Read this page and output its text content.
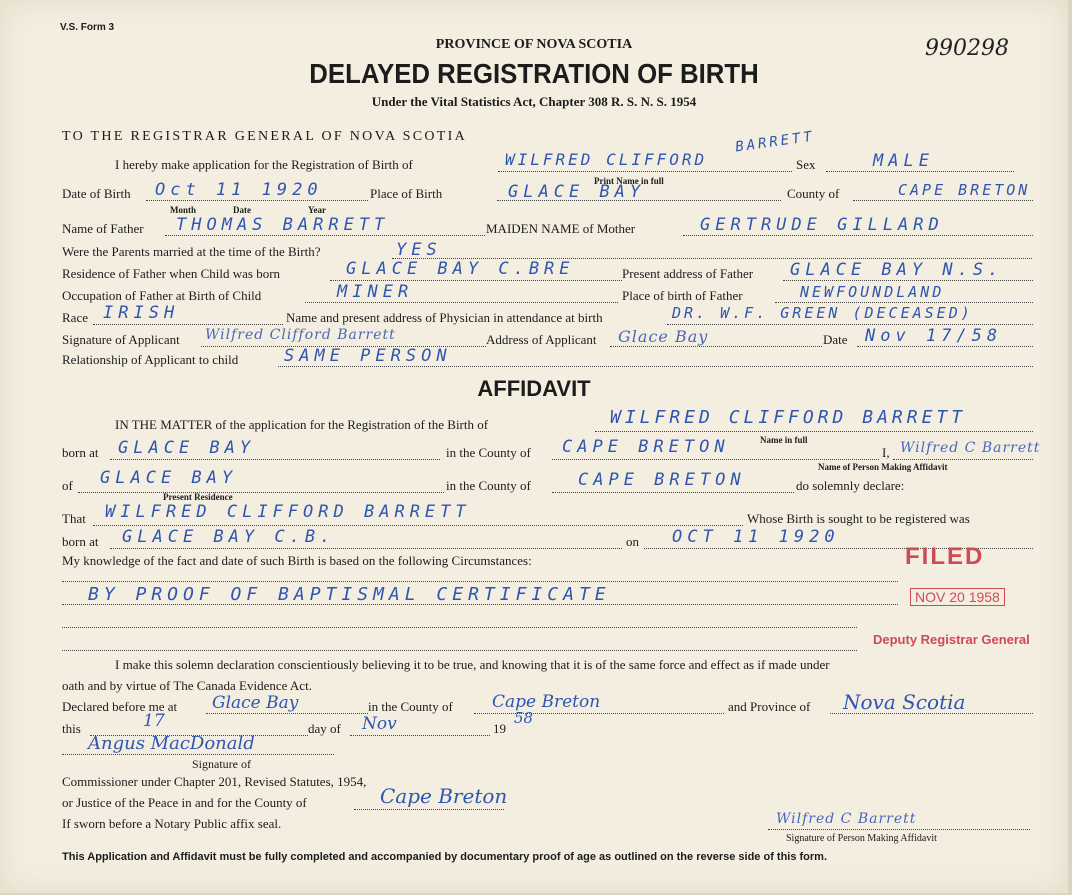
V.S. Form 3
990298
PROVINCE OF NOVA SCOTIA
DELAYED REGISTRATION OF BIRTH
Under the Vital Statistics Act, Chapter 308 R. S. N. S. 1954
TO THE REGISTRAR GENERAL OF NOVA SCOTIA
I hereby make application for the Registration of Birth of	WILFRED CLIFFORD
BARRETT
Sex	MALE
Print Name in full
Date of Birth Oct 11 1920	Place of Birth	GLACE BAY	County of	CAPE BRETON
Month	Date	Year
Name of Father THOMAS BARRETT	MAIDEN NAME of Mother	GERTRUDE GILLARD
Were the Parents married at the time of the Birth?	YES
Residence of Father when Child was born	GLACE BAY C.BRE	Present address of Father GLACE BAY N.S.
Occupation of Father at Birth of Child	MINER	Place of birth of Father	NEWFOUNDLAND
Race IRISH	Name and present address of Physician in attendance at birth	DR. W.F. GREEN (DECEASED)
Signature of Applicant Wilfred Clifford Barrett	Address of Applicant Glace Bay	Date Nov 17/58
Relationship of Applicant to child	SAME PERSON
AFFIDAVIT
IN THE MATTER of the application for the Registration of the Birth of	WILFRED CLIFFORD BARRETT
Name in full
born at GLACE BAY	in the County of CAPE BRETON	I, Wilfred C Barrett
Name of Person Making Affidavit
of GLACE BAY	in the County of	CAPE BRETON	do solemnly declare:
Present Residence
That WILFRED CLIFFORD BARRETT	Whose Birth is sought to be registered was
born at GLACE BAY C.B.	on OCT 11 1920
My knowledge of the fact and date of such Birth is based on the following Circumstances:
BY PROOF OF BAPTISMAL CERTIFICATE
FILED
NOV 20 1958
Deputy Registrar General
I make this solemn declaration conscientiously believing it to be true, and knowing that it is of the same force and effect as if made under
oath and by virtue of The Canada Evidence Act.
Declared before me at Glace Bay	in the County of Cape Breton	and Province of Nova Scotia
this	17	day of Nov	19
58
Angus MacDonald
Signature of
Commissioner under Chapter 201, Revised Statutes, 1954,
or Justice of the Peace in and for the County of	Cape Breton
If sworn before a Notary Public affix seal.	Wilfred C Barrett
Signature of Person Making Affidavit
This Application and Affidavit must be fully completed and accompanied by documentary proof of age as outlined on the reverse side of this form.
